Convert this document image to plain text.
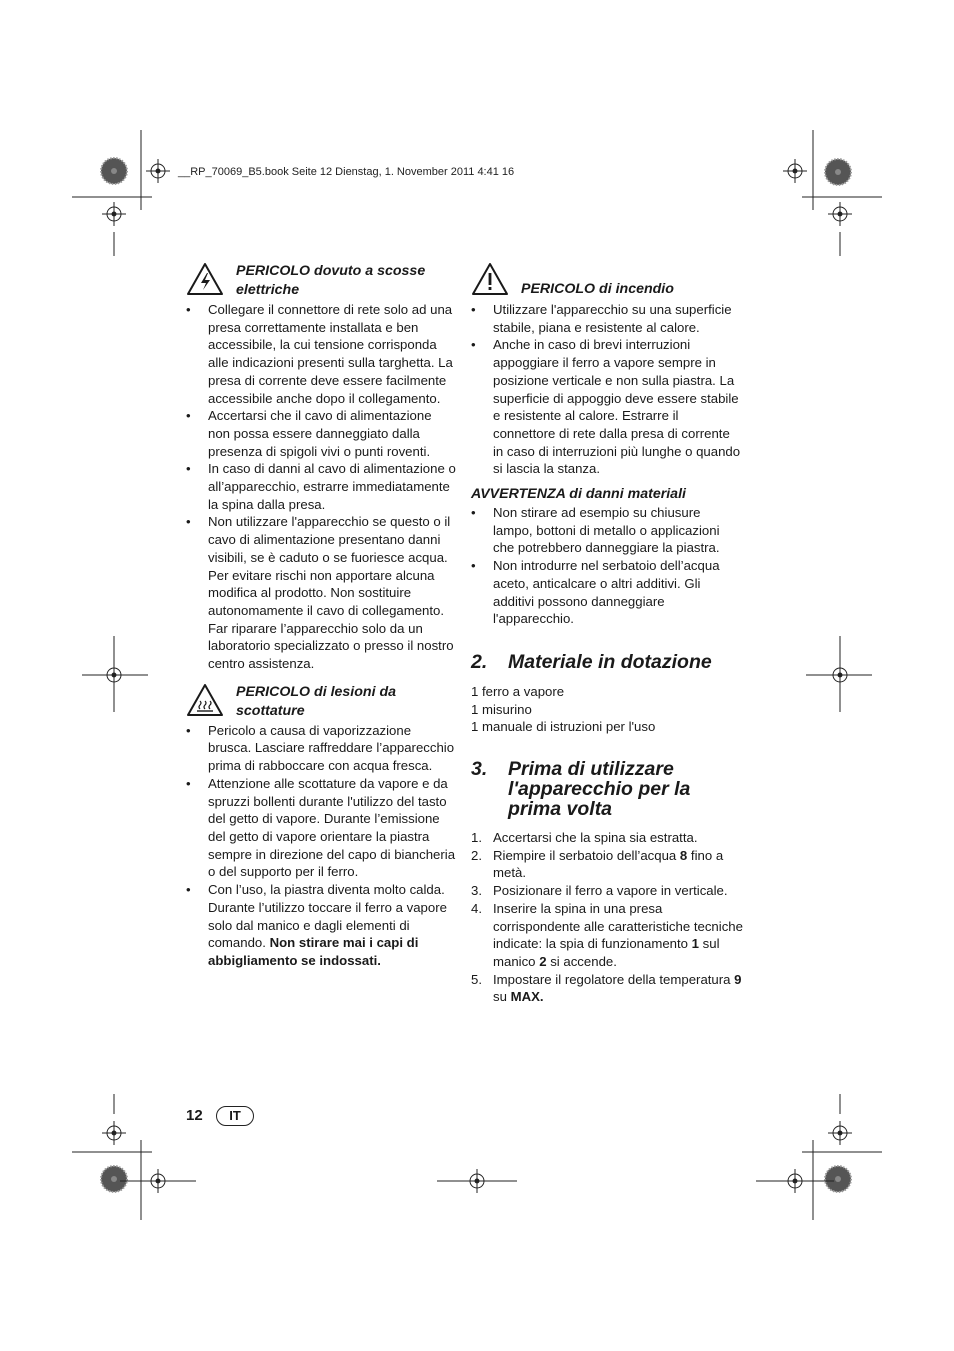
__RP_70069_B5.book Seite 12 Dienstag, 1. November 2011 4:41 16
PERICOLO dovuto a scosse elettriche
• Collegare il connettore di rete solo ad una presa correttamente installata e ben accessibile, la cui tensione corrisponda alle indicazioni presenti sulla targhetta. La presa di corrente deve essere facilmente accessibile anche dopo il collegamento.
• Accertarsi che il cavo di alimentazione non possa essere danneggiato dalla presenza di spigoli vivi o punti roventi.
• In caso di danni al cavo di alimentazione o all’apparecchio, estrarre immediatamente la spina dalla presa.
• Non utilizzare l'apparecchio se questo o il cavo di alimentazione presentano danni visibili, se è caduto o se fuoriesce acqua. Per evitare rischi non apportare alcuna modifica al prodotto. Non sostituire autonomamente il cavo di collegamento. Far riparare l’apparecchio solo da un laboratorio specializzato o presso il nostro centro assistenza.
PERICOLO di lesioni da scottature
• Pericolo a causa di vaporizzazione brusca. Lasciare raffreddare l’apparecchio prima di rabboccare con acqua fresca.
• Attenzione alle scottature da vapore e da spruzzi bollenti durante l'utilizzo del tasto del getto di vapore. Durante l’emissione del getto di vapore orientare la piastra sempre in direzione del capo di biancheria o del supporto per il ferro.
• Con l’uso, la piastra diventa molto calda. Durante l’utilizzo toccare il ferro a vapore solo dal manico e dagli elementi di comando. Non stirare mai i capi di abbigliamento se indossati.
PERICOLO di incendio
• Utilizzare l'apparecchio su una superficie stabile, piana e resistente al calore.
• Anche in caso di brevi interruzioni appoggiare il ferro a vapore sempre in posizione verticale e non sulla piastra. La superficie di appoggio deve essere stabile e resistente al calore. Estrarre il connettore di rete dalla presa di corrente in caso di interruzioni più lunghe o quando si lascia la stanza.
AVVERTENZA di danni materiali
• Non stirare ad esempio su chiusure lampo, bottoni di metallo o applicazioni che potrebbero danneggiare la piastra.
• Non introdurre nel serbatoio dell’acqua aceto, anticalcare o altri additivi. Gli additivi possono danneggiare l'apparecchio.
2. Materiale in dotazione

1 ferro a vapore

1 misurino

1 manuale di istruzioni per l'uso

3. Prima di utilizzare l'apparecchio per la prima volta
1. Accertarsi che la spina sia estratta.
2. Riempire il serbatoio dell’acqua 8 fino a metà.
3. Posizionare il ferro a vapore in verticale.
4. Inserire la spina in una presa corrispondente alle caratteristiche tecniche indicate: la spia di funzionamento 1 sul manico 2 si accende.
5. Impostare il regolatore della temperatura 9 su MAX.
12	IT
